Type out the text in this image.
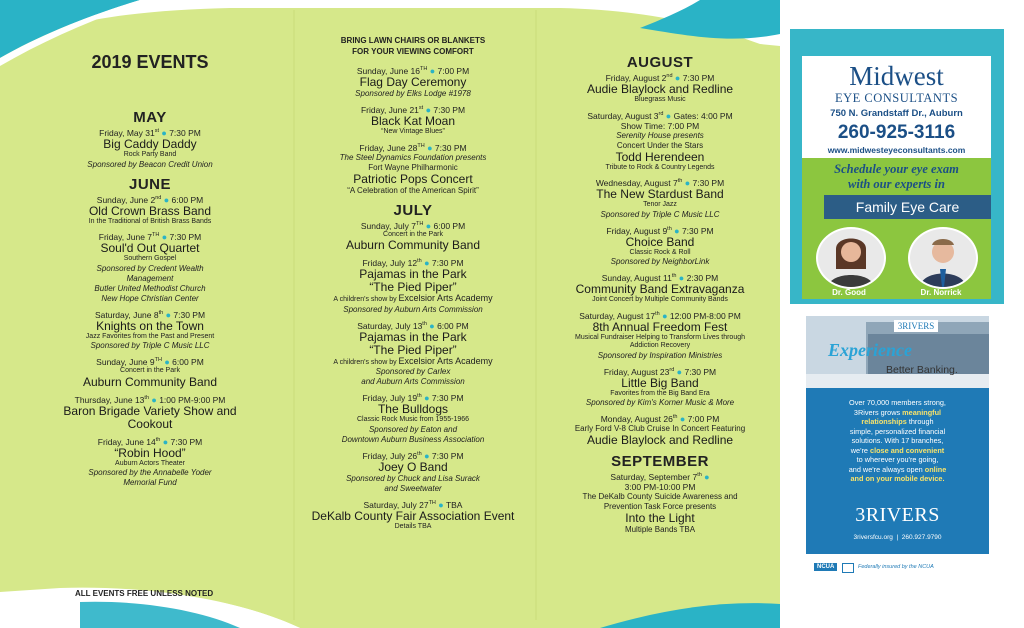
2019 EVENTS
MAY
Friday, May 31st ● 7:30 PM
Big Caddy Daddy
Rock Party Band
Sponsored by Beacon Credit Union
JUNE
Sunday, June 2nd ● 6:00 PM
Old Crown Brass Band
In the Traditional of British Brass Bands
Friday, June 7TH ● 7:30 PM
Soul'd Out Quartet
Southern Gospel
Sponsored by Credent Wealth
Management
Butler United Methodist Church
New Hope Christian Center
Saturday, June 8th ● 7:30 PM
Knights on the Town
Jazz Favorites from the Past and Present
Sponsored by Triple C Music LLC
Sunday, June 9TH ● 6:00 PM
Concert in the Park
Auburn Community Band
Thursday, June 13th ● 1:00 PM-9:00 PM
Baron Brigade Variety Show and
Cookout
Friday, June 14th ● 7:30 PM
“Robin Hood”
Auburn Actors Theater
Sponsored by the Annabelle Yoder
Memorial Fund
ALL EVENTS FREE UNLESS NOTED
BRING LAWN CHAIRS OR BLANKETS
FOR YOUR VIEWING COMFORT
Sunday, June 16TH ● 7:00 PM
Flag Day Ceremony
Sponsored by Elks Lodge #1978
Friday, June 21st ● 7:30 PM
Black Kat Moan
“New Vintage Blues”
Friday, June 28TH ● 7:30 PM
The Steel Dynamics Foundation presents
Fort Wayne Philharmonic
Patriotic Pops Concert
“A Celebration of the American Spirit”
JULY
Sunday, July 7TH ● 6:00 PM
Concert in the Park
Auburn Community Band
Friday, July 12th ● 7:30 PM
Pajamas in the Park
“The Pied Piper”
A children's show by Excelsior Arts Academy
Sponsored by Auburn Arts Commission
Saturday, July 13th ● 6:00 PM
Pajamas in the Park
“The Pied Piper”
A children's show by Excelsior Arts Academy
Sponsored by Carlex
and Auburn Arts Commission
Friday, July 19th ● 7:30 PM
The Bulldogs
Classic Rock Music from 1955-1966
Sponsored by Eaton and
Downtown Auburn Business Association
Friday, July 26th ● 7:30 PM
Joey O Band
Sponsored by Chuck and Lisa Surack
and Sweetwater
Saturday, July 27TH ● TBA
DeKalb County Fair Association Event
Details TBA
AUGUST
Friday, August 2nd ● 7:30 PM
Audie Blaylock and Redline
Bluegrass Music
Saturday, August 3rd ● Gates: 4:00 PM
Show Time: 7:00 PM
Serenity House presents
Concert Under the Stars
Todd Herendeen
Tribute to Rock & Country Legends
Wednesday, August 7th ● 7:30 PM
The New Stardust Band
Tenor Jazz
Sponsored by Triple C Music LLC
Friday, August 9th ● 7:30 PM
Choice Band
Classic Rock & Roll
Sponsored by NeighborLink
Sunday, August 11th ● 2:30 PM
Community Band Extravaganza
Joint Concert by Multiple Community Bands
Saturday, August 17th ● 12:00 PM-8:00 PM
8th Annual Freedom Fest
Musical Fundraiser Helping to Transform Lives through
Addiction Recovery
Sponsored by Inspiration Ministries
Friday, August 23rd ● 7:30 PM
Little Big Band
Favorites from the Big Band Era
Sponsored by Kim's Korner Music & More
Monday, August 26th ● 7:00 PM
Early Ford V-8 Club Cruise In Concert Featuring
Audie Blaylock and Redline
SEPTEMBER
Saturday, September 7th ●
3:00 PM-10:00 PM
The DeKalb County Suicide Awareness and
Prevention Task Force presents
Into the Light
Multiple Bands TBA
Midwest
EYE CONSULTANTS
750 N. Grandstaff Dr., Auburn
260-925-3116
www.midwesteyeconsultants.com
Schedule your eye exam
with our experts in
Family Eye Care
Dr. Good	Dr. Norrick
3RIVERS
Experience
Better Banking.
Over 70,000 members strong,
3Rivers grows meaningful
relationships through
simple, personalized financial
solutions. With 17 branches,
we're close and convenient
to wherever you're going,
and we're always open online
and on your mobile device.
3RIVERS
3riversfcu.org  |  260.927.9790
NCUA	Federally insured by the NCUA
